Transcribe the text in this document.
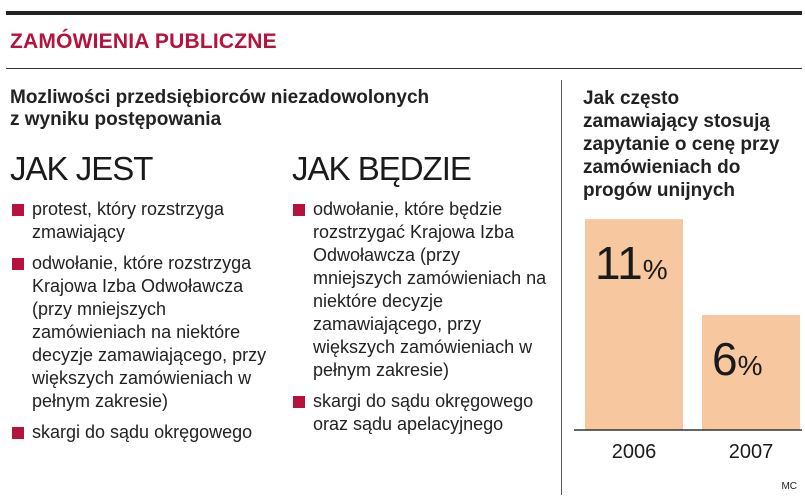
ZAMÓWIENIA PUBLICZNE
Mozliwości przedsiębiorców niezadowolonych z wyniku postępowania
JAK JEST
protest, który rozstrzyga zmawiający
odwołanie, które rozstrzyga Krajowa Izba Odwoławcza (przy mniejszych zamówieniach na niektóre decyzje zamawiającego, przy większych zamówieniach w pełnym zakresie)
skargi do sądu okręgowego
JAK BĘDZIE
odwołanie, które będzie rozstrzygać Krajowa Izba Odwoławcza (przy mniejszych zamówieniach na niektóre decyzje zamawiającego, przy większych zamówieniach w pełnym zakresie)
skargi do sądu okręgowego oraz sądu apelacyjnego
Jak często zamawiający stosują zapytanie o cenę przy zamówieniach do progów unijnych
11%
2006
6%
2007
MC
